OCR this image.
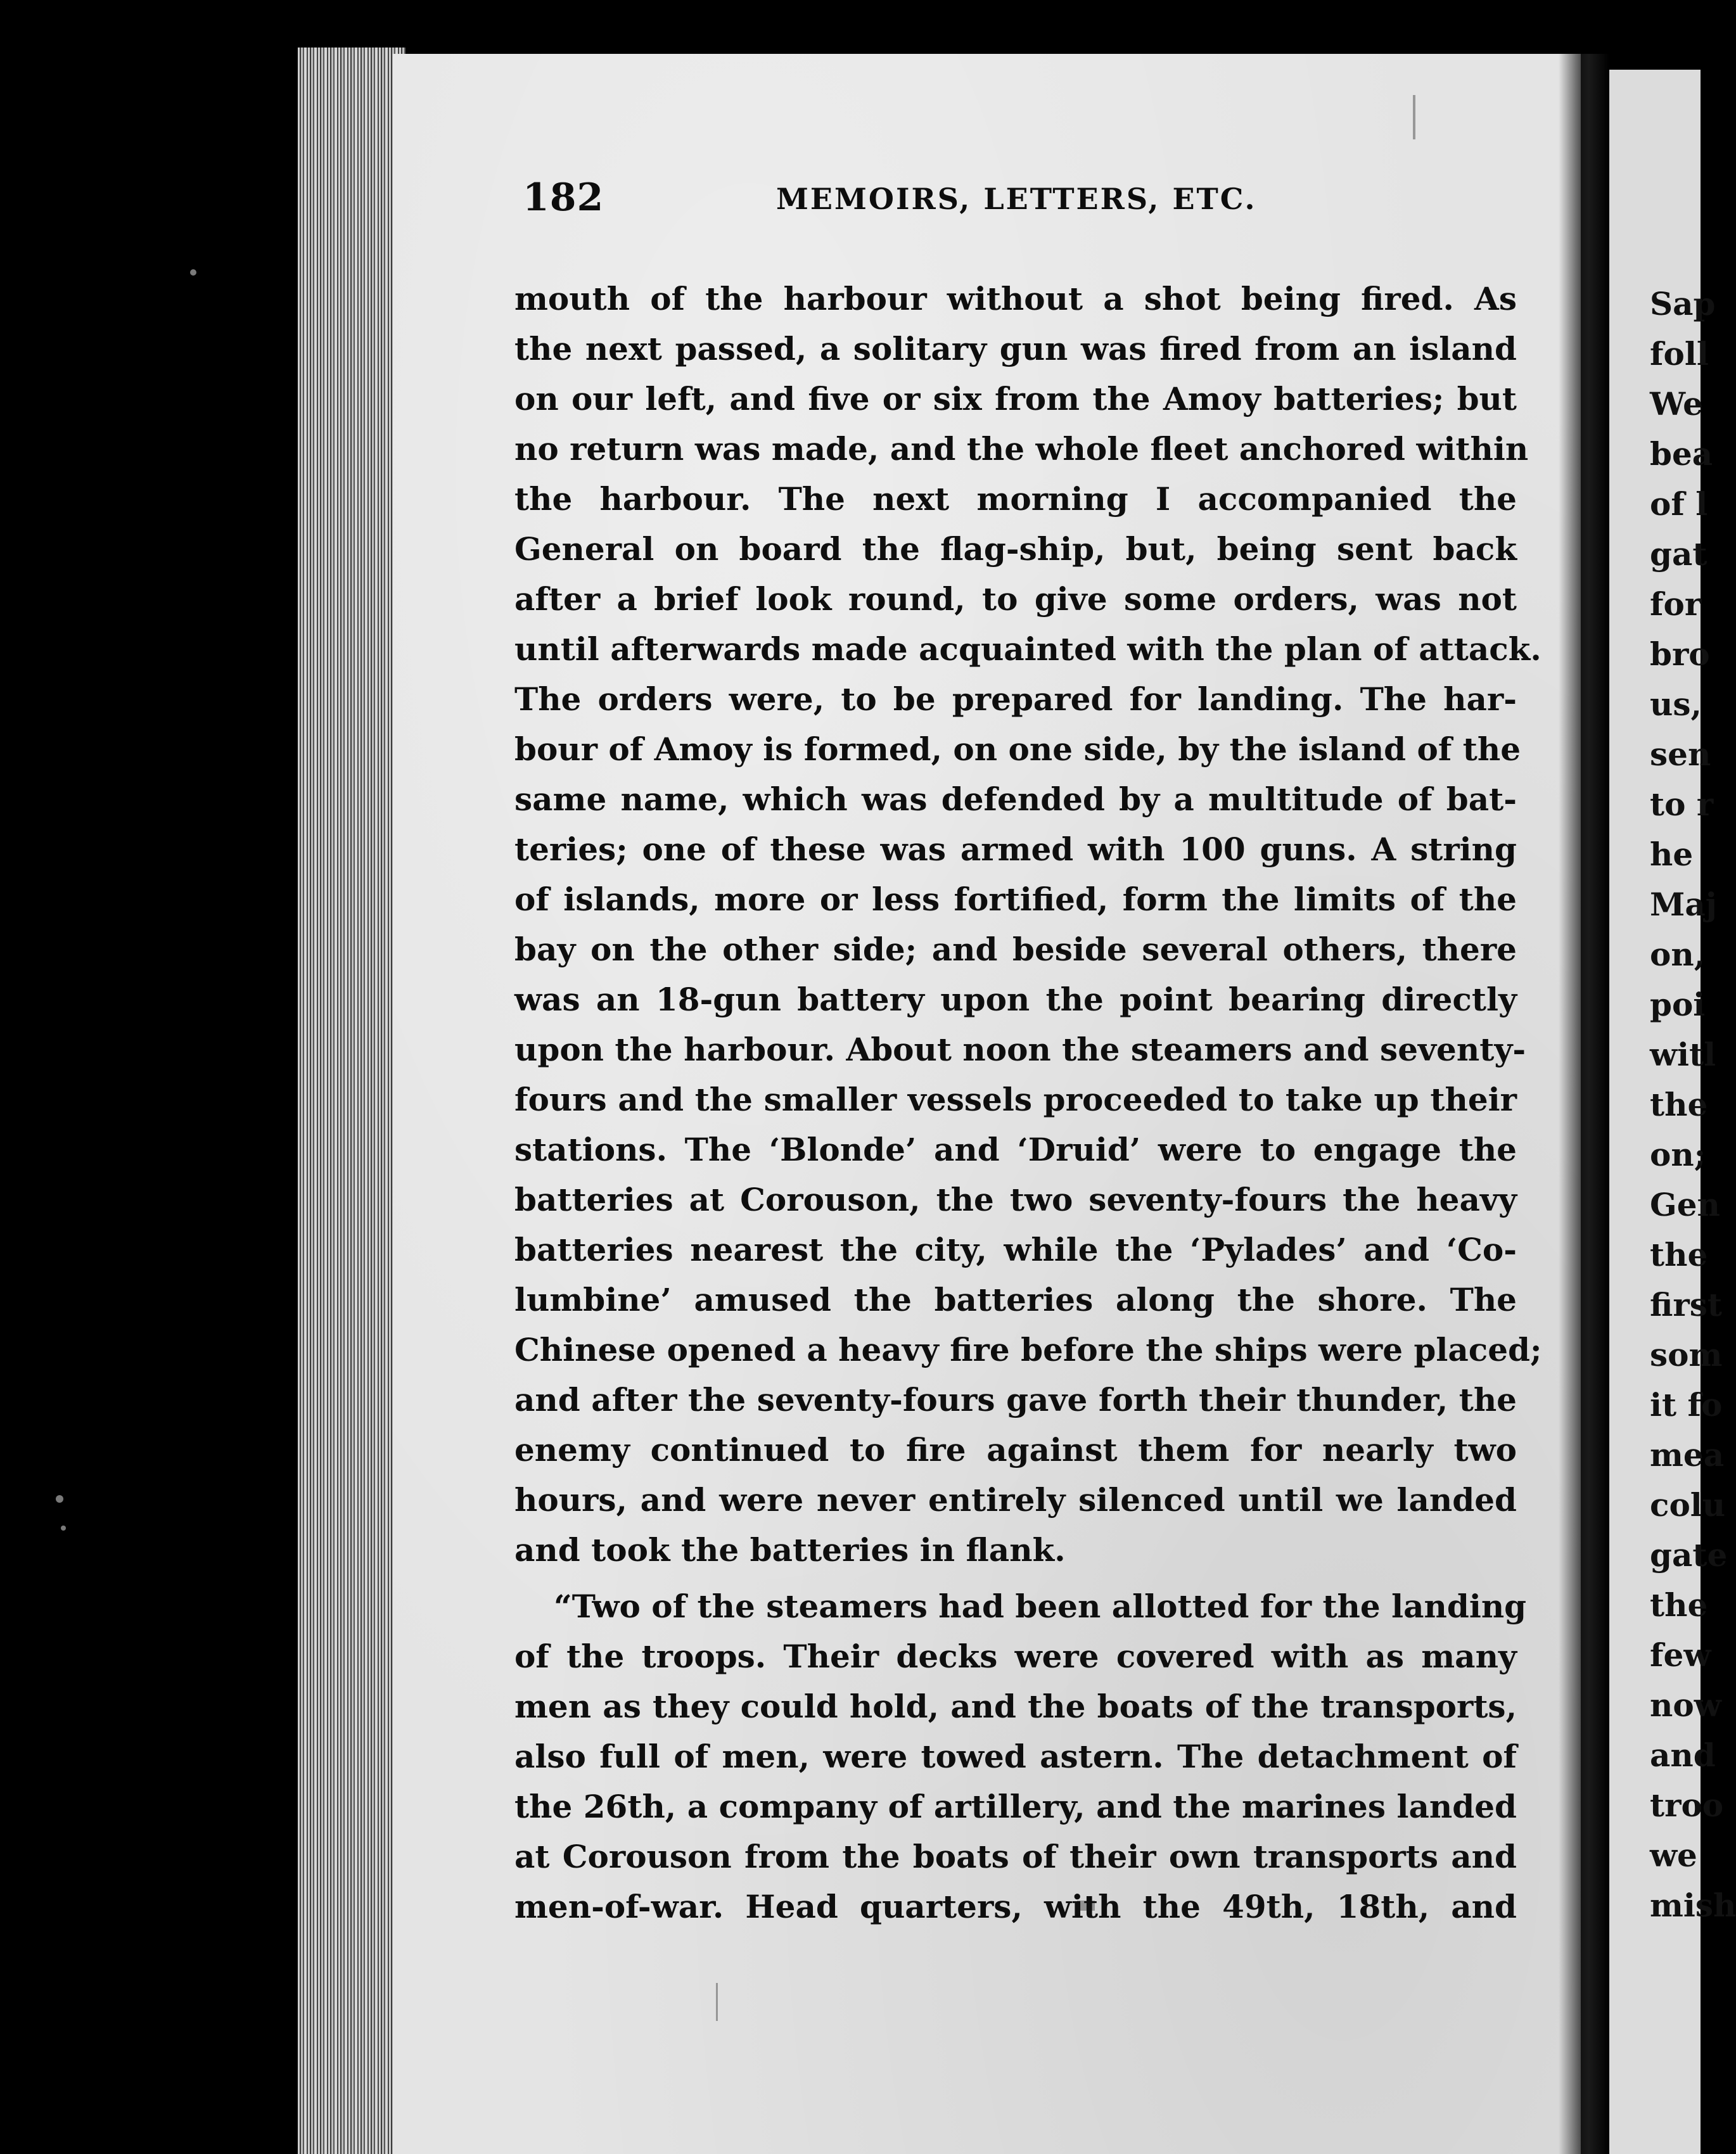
182	MEMOIRS, LETTERS, ETC.
mouth of the harbour without a shot being fired. As
the next passed, a solitary gun was fired from an island
on our left, and five or six from the Amoy batteries; but
no return was made, and the whole fleet anchored within
the harbour. The next morning I accompanied the
General on board the flag-ship, but, being sent back
after a brief look round, to give some orders, was not
until afterwards made acquainted with the plan of attack.
The orders were, to be prepared for landing. The har-
bour of Amoy is formed, on one side, by the island of the
same name, which was defended by a multitude of bat-
teries; one of these was armed with 100 guns. A string
of islands, more or less fortified, form the limits of the
bay on the other side; and beside several others, there
was an 18-gun battery upon the point bearing directly
upon the harbour. About noon the steamers and seventy-
fours and the smaller vessels proceeded to take up their
stations. The ‘Blonde’ and ‘Druid’ were to engage the
batteries at Corouson, the two seventy-fours the heavy
batteries nearest the city, while the ‘Pylades’ and ‘Co-
lumbine’ amused the batteries along the shore. The
Chinese opened a heavy fire before the ships were placed;
and after the seventy-fours gave forth their thunder, the
enemy continued to fire against them for nearly two
hours, and were never entirely silenced until we landed
and took the batteries in flank.
“Two of the steamers had been allotted for the landing
of the troops. Their decks were covered with as many
men as they could hold, and the boats of the transports,
also full of men, were towed astern. The detachment of
the 26th, a company of artillery, and the marines landed
at Corouson from the boats of their own transports and
men-of-war. Head quarters, with the 49th, 18th, and
Sap
foll
We
bea
of l
gat
for
bro
us,
sen
to r
he
Maj
on,
poi
witl
the
on;
Gen
the
first
som
it fo
mea
colu
gate
the
few
now
and
troo
we
mish
